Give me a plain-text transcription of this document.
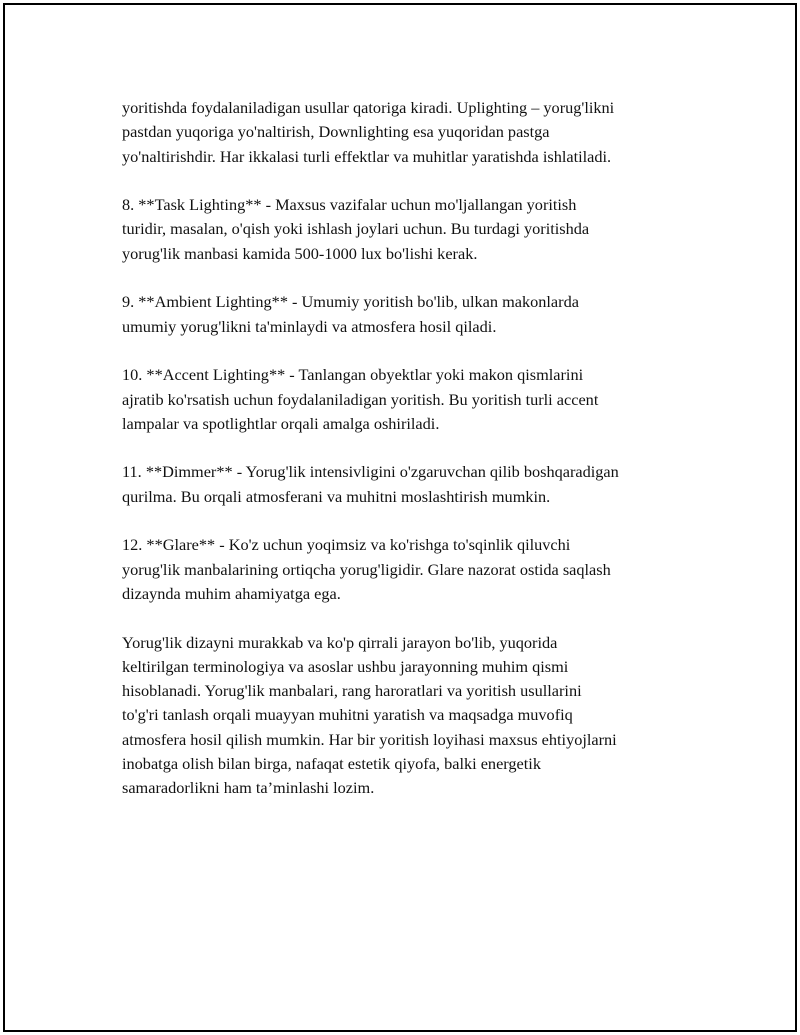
yoritishda foydalaniladigan usullar qatoriga kiradi. Uplighting – yorug'likni
pastdan yuqoriga yo'naltirish, Downlighting esa yuqoridan pastga
yo'naltirishdir. Har ikkalasi turli effektlar va muhitlar yaratishda ishlatiladi.

8. **Task Lighting** - Maxsus vazifalar uchun mo'ljallangan yoritish
turidir, masalan, o'qish yoki ishlash joylari uchun. Bu turdagi yoritishda
yorug'lik manbasi kamida 500-1000 lux bo'lishi kerak.

9. **Ambient Lighting** - Umumiy yoritish bo'lib, ulkan makonlarda
umumiy yorug'likni ta'minlaydi va atmosfera hosil qiladi.

10. **Accent Lighting** - Tanlangan obyektlar yoki makon qismlarini
ajratib ko'rsatish uchun foydalaniladigan yoritish. Bu yoritish turli accent
lampalar va spotlightlar orqali amalga oshiriladi.

11. **Dimmer** - Yorug'lik intensivligini o'zgaruvchan qilib boshqaradigan
qurilma. Bu orqali atmosferani va muhitni moslashtirish mumkin.

12. **Glare** - Ko'z uchun yoqimsiz va ko'rishga to'sqinlik qiluvchi
yorug'lik manbalarining ortiqcha yorug'ligidir. Glare nazorat ostida saqlash
dizaynda muhim ahamiyatga ega.

Yorug'lik dizayni murakkab va ko'p qirrali jarayon bo'lib, yuqorida
keltirilgan terminologiya va asoslar ushbu jarayonning muhim qismi
hisoblanadi. Yorug'lik manbalari, rang haroratlari va yoritish usullarini
to'g'ri tanlash orqali muayyan muhitni yaratish va maqsadga muvofiq
atmosfera hosil qilish mumkin. Har bir yoritish loyihasi maxsus ehtiyojlarni
inobatga olish bilan birga, nafaqat estetik qiyofa, balki energetik
samaradorlikni ham ta’minlashi lozim.
